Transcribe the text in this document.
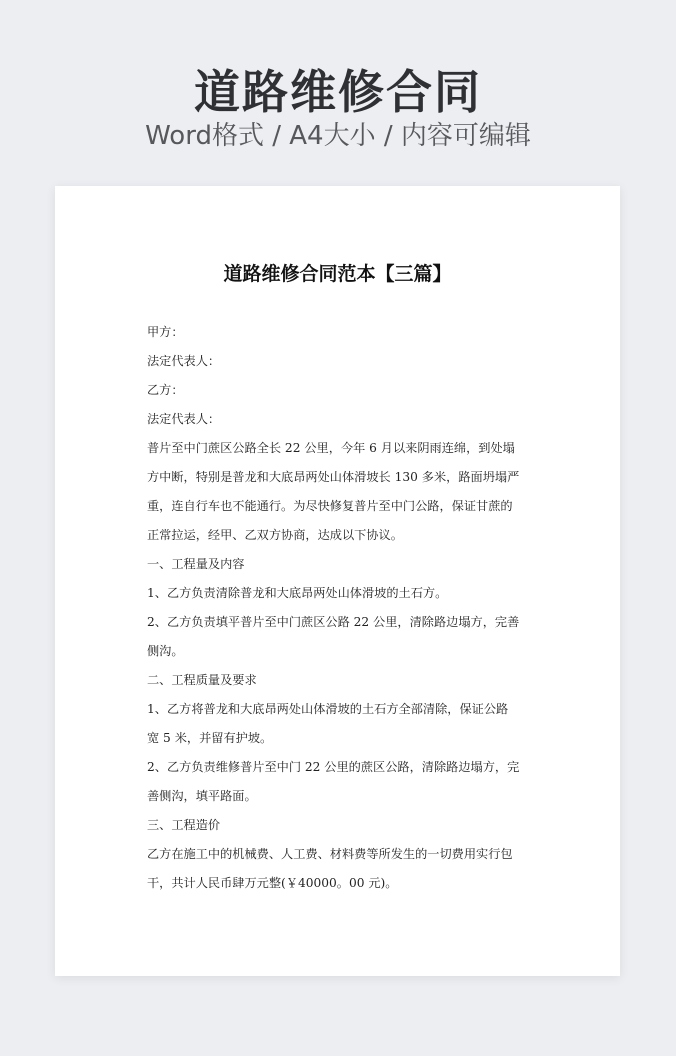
道路维修合同
Word格式 / A4大小 / 内容可编辑
道路维修合同范本【三篇】

甲方：

法定代表人：

乙方：

法定代表人：

普片至中门蔗区公路全长 22 公里，今年 6 月以来阴雨连绵，到处塌

方中断，特别是普龙和大底昂两处山体滑坡长 130 多米，路面坍塌严

重，连自行车也不能通行。为尽快修复普片至中门公路，保证甘蔗的

正常拉运，经甲、乙双方协商，达成以下协议。

一、工程量及内容

1、乙方负责清除普龙和大底昂两处山体滑坡的土石方。

2、乙方负责填平普片至中门蔗区公路 22 公里，清除路边塌方，完善

侧沟。

二、工程质量及要求

1、乙方将普龙和大底昂两处山体滑坡的土石方全部清除，保证公路

宽 5 米，并留有护坡。

2、乙方负责维修普片至中门 22 公里的蔗区公路，清除路边塌方，完

善侧沟，填平路面。

三、工程造价

乙方在施工中的机械费、人工费、材料费等所发生的一切费用实行包

干，共计人民币肆万元整(￥40000。00 元)。
